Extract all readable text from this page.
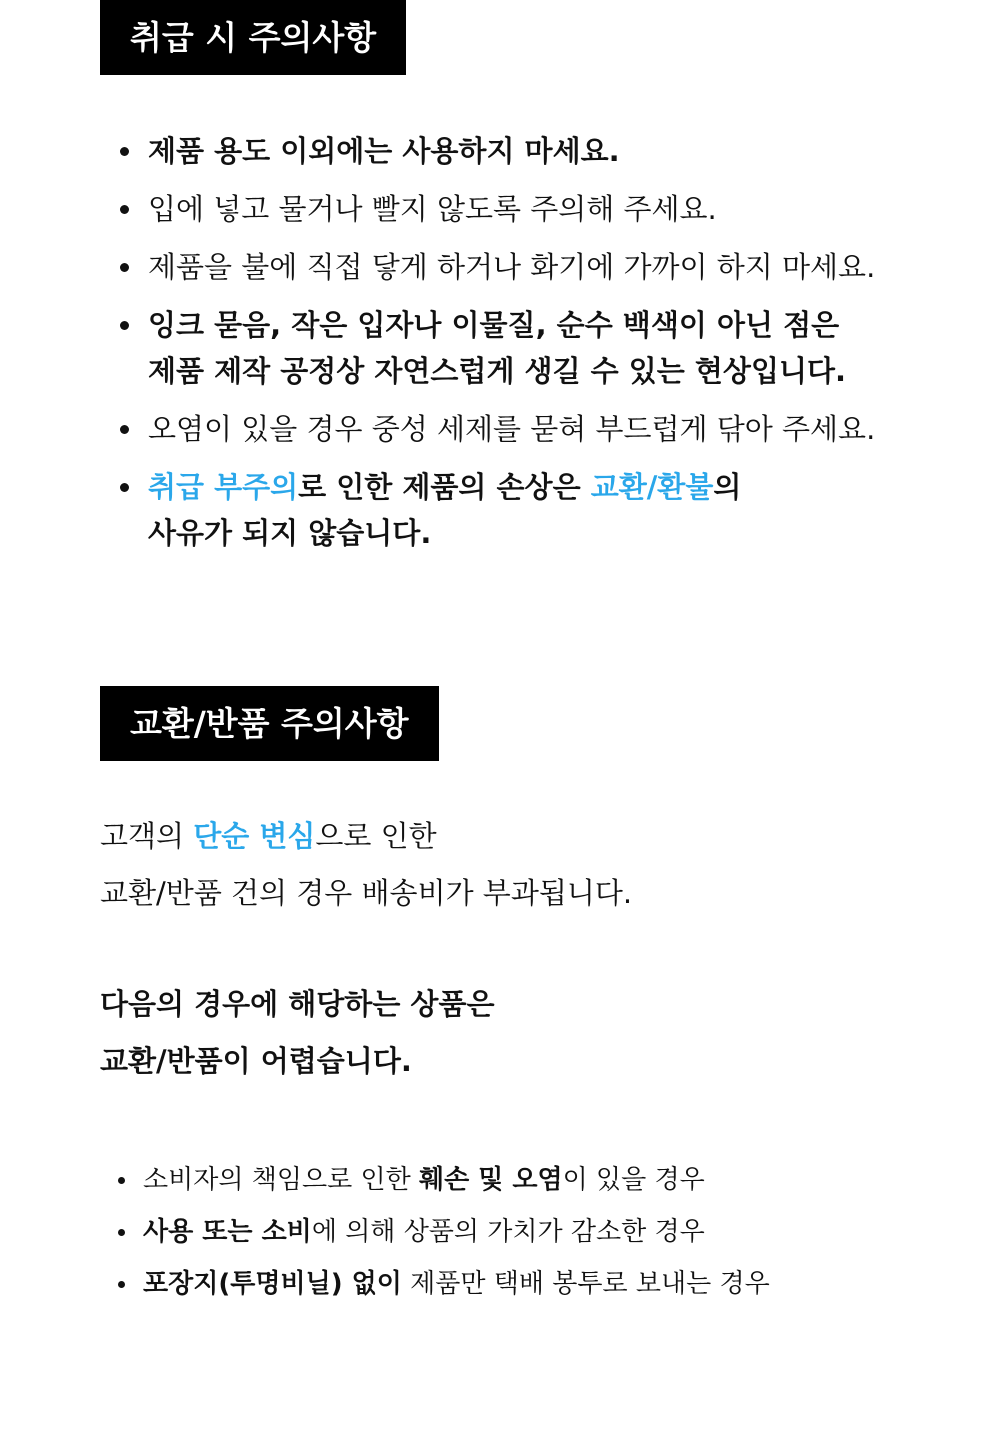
취급 시 주의사항
제품 용도 이외에는 사용하지 마세요.
입에 넣고 물거나 빨지 않도록 주의해 주세요.
제품을 불에 직접 닿게 하거나 화기에 가까이 하지 마세요.
잉크 묻음, 작은 입자나 이물질, 순수 백색이 아닌 점은
제품 제작 공정상 자연스럽게 생길 수 있는 현상입니다.
오염이 있을 경우 중성 세제를 묻혀 부드럽게 닦아 주세요.
취급 부주의로 인한 제품의 손상은 교환/환불의
사유가 되지 않습니다.
교환/반품 주의사항
고객의 단순 변심으로 인한
교환/반품 건의 경우 배송비가 부과됩니다.
다음의 경우에 해당하는 상품은
교환/반품이 어렵습니다.
소비자의 책임으로 인한 훼손 및 오염이 있을 경우
사용 또는 소비에 의해 상품의 가치가 감소한 경우
포장지(투명비닐) 없이 제품만 택배 봉투로 보내는 경우
